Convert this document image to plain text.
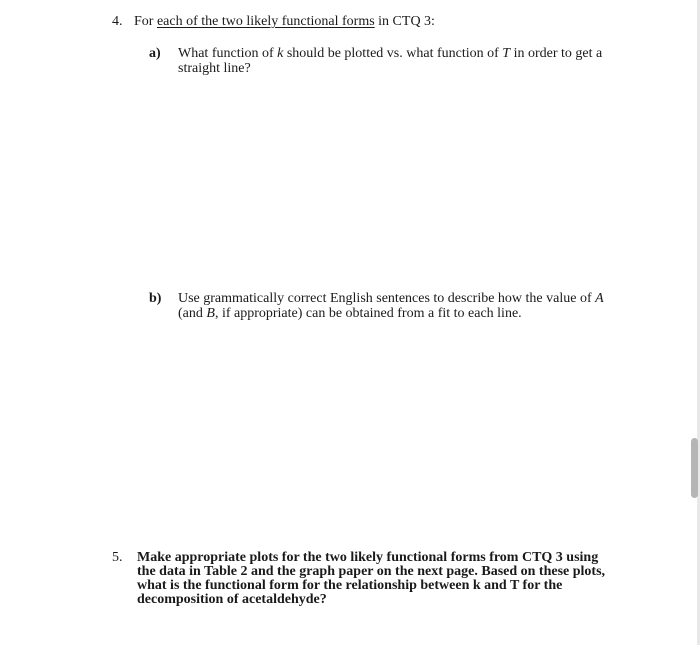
4. For each of the two likely functional forms in CTQ 3:
a) What function of k should be plotted vs. what function of T in order to get a straight line?
b) Use grammatically correct English sentences to describe how the value of A (and B, if appropriate) can be obtained from a fit to each line.
5. Make appropriate plots for the two likely functional forms from CTQ 3 using the data in Table 2 and the graph paper on the next page. Based on these plots, what is the functional form for the relationship between k and T for the decomposition of acetaldehyde?
